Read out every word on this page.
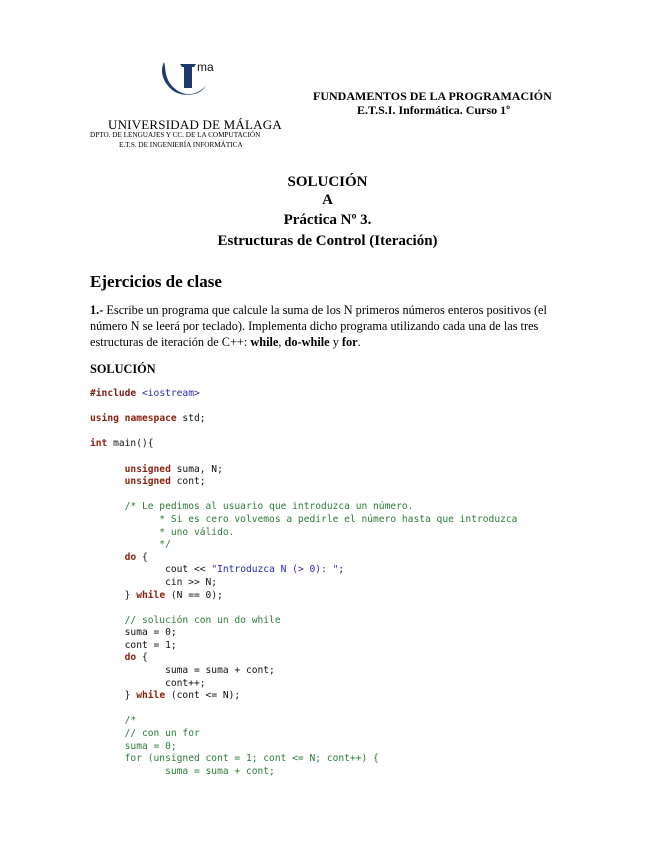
ma
UNIVERSIDAD DE MÁLAGA
DPTO. DE LENGUAJES Y CC. DE LA COMPUTACIÓN
E.T.S. DE INGENIERÍA INFORMÁTICA
FUNDAMENTOS DE LA PROGRAMACIÓN
E.T.S.I. Informática. Curso 1º
SOLUCIÓN
A
Práctica Nº 3.
Estructuras de Control (Iteración)
Ejercicios de clase
1.- Escribe un programa que calcule la suma de los N primeros números enteros positivos (el número N se leerá por teclado). Implementa dicho programa utilizando cada una de las tres estructuras de iteración de C++: while, do-while y for.
SOLUCIÓN
#include <iostream>

using namespace std;

int main(){

unsigned suma, N;
unsigned cont;

/* Le pedimos al usuario que introduzca un número.
* Si es cero volvemos a pedirle el número hasta que introduzca
* uno válido.
*/
do {
cout << "Introduzca N (> 0): ";
cin >> N;
} while (N == 0);

// solución con un do while
suma = 0;
cont = 1;
do {
suma = suma + cont;
cont++;
} while (cont <= N);

/*
// con un for
suma = 0;
for (unsigned cont = 1; cont <= N; cont++) {
suma = suma + cont;
